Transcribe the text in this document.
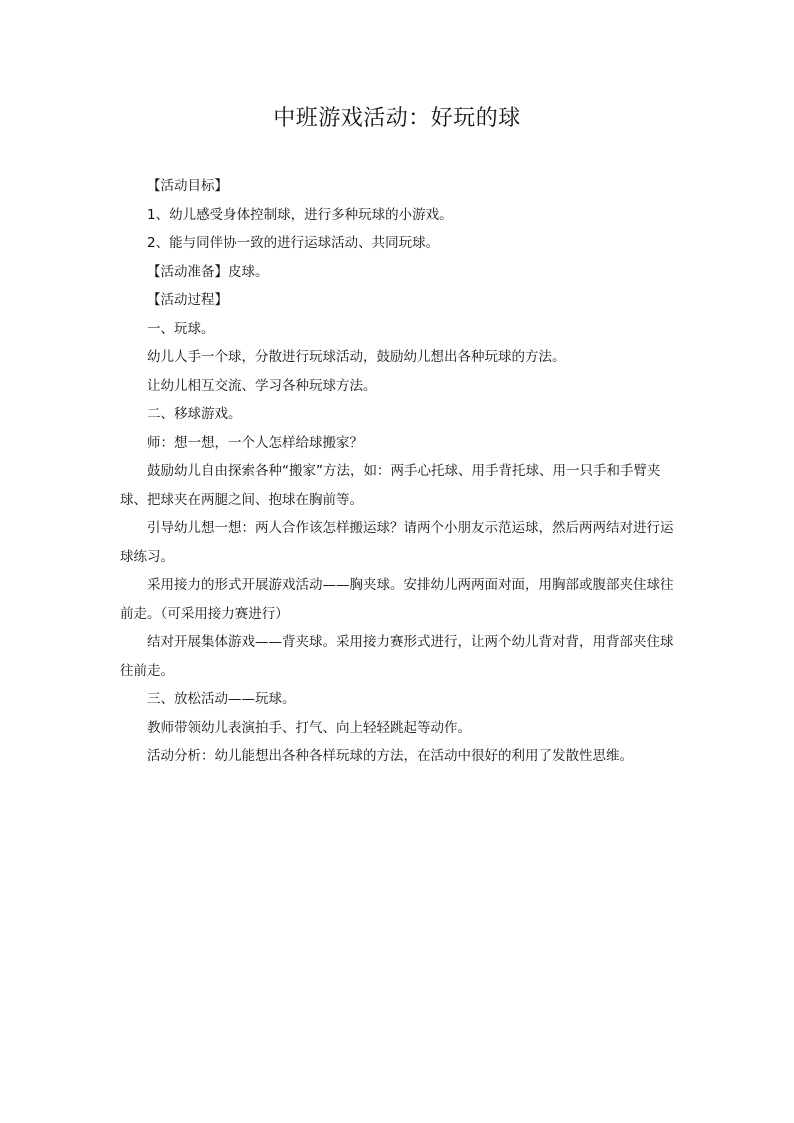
中班游戏活动：好玩的球

【活动目标】

1、幼儿感受身体控制球，进行多种玩球的小游戏。

2、能与同伴协一致的进行运球活动、共同玩球。

【活动准备】皮球。

【活动过程】

一、玩球。

幼儿人手一个球，分散进行玩球活动，鼓励幼儿想出各种玩球的方法。

让幼儿相互交流、学习各种玩球方法。

二、移球游戏。

师：想一想，一个人怎样给球搬家？

鼓励幼儿自由探索各种“搬家”方法，如：两手心托球、用手背托球、用一只手和手臂夹球、把球夹在两腿之间、抱球在胸前等。

引导幼儿想一想：两人合作该怎样搬运球？请两个小朋友示范运球，然后两两结对进行运球练习。

采用接力的形式开展游戏活动——胸夹球。安排幼儿两两面对面，用胸部或腹部夹住球往前走。（可采用接力赛进行）

结对开展集体游戏——背夹球。采用接力赛形式进行，让两个幼儿背对背，用背部夹住球往前走。

三、放松活动——玩球。

教师带领幼儿表演拍手、打气、向上轻轻跳起等动作。

活动分析：幼儿能想出各种各样玩球的方法，在活动中很好的利用了发散性思维。
